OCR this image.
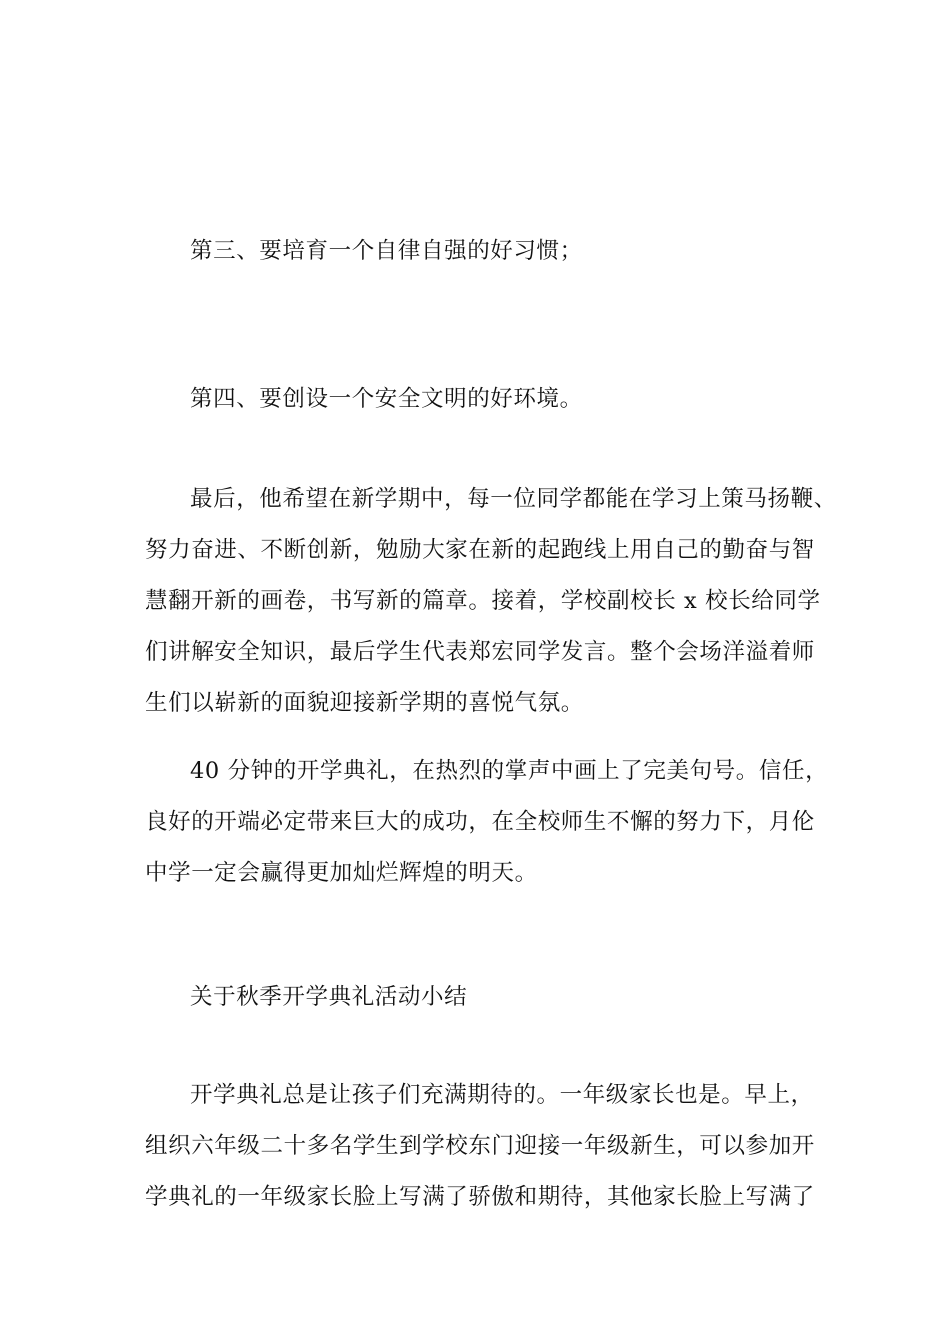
第三、要培育一个自律自强的好习惯；
第四、要创设一个安全文明的好环境。
最后，他希望在新学期中，每一位同学都能在学习上策马扬鞭、
努力奋进、不断创新，勉励大家在新的起跑线上用自己的勤奋与智
慧翻开新的画卷，书写新的篇章。接着，学校副校长 x 校长给同学
们讲解安全知识，最后学生代表郑宏同学发言。整个会场洋溢着师
生们以崭新的面貌迎接新学期的喜悦气氛。
40 分钟的开学典礼，在热烈的掌声中画上了完美句号。信任，
良好的开端必定带来巨大的成功，在全校师生不懈的努力下，月伦
中学一定会赢得更加灿烂辉煌的明天。
关于秋季开学典礼活动小结
开学典礼总是让孩子们充满期待的。一年级家长也是。早上，
组织六年级二十多名学生到学校东门迎接一年级新生，可以参加开
学典礼的一年级家长脸上写满了骄傲和期待，其他家长脸上写满了
